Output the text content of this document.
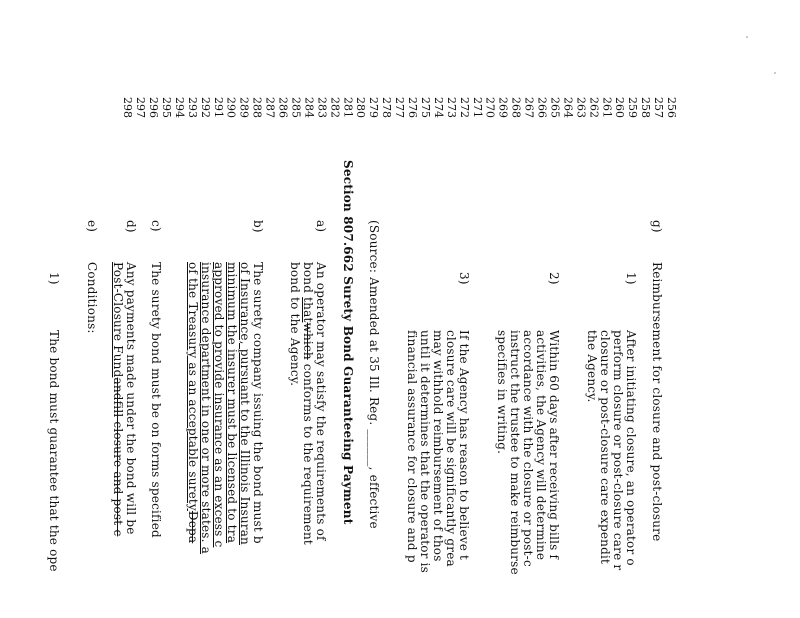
256
257
258
259
260
261
262
263
264
265
266
267
268
269
270
271
272
273
274
275
276
277
278
279
280
281
282
283
284
285
286
287
288
289
290
291
292
293
294
295
296
297
298
g)
Reimbursement for closure and post-closure
1)
After initiating closure, an operator o
perform closure or post-closure care r
closure or post-closure care expendit
the Agency.
2)
Within 60 days after receiving bills f
activities, the Agency will determine
accordance with the closure or post-c
instruct the trustee to make reimburse
specifies in writing.
3)
If the Agency has reason to believe t
closure care will be significantly grea
may withhold reimbursement of thos
until it determines that the operator is
financial assurance for closure and p
(Source: Amended at 35 Ill. Reg. ______, effective
Section 807.662 Surety Bond Guaranteeing Payment
a)
An operator may satisfy the requirements of
bond thatwhich conforms to the requirement
bond to the Agency.
b)
The surety company issuing the bond must b
of Insurance, pursuant to the Illinois Insuran
minimum the insurer must be licensed to tra
approved to provide insurance as an excess c
insurance department in one or more states. a
of the Treasury as an acceptable suretyDepa
c)
The surety bond must be on forms specified
d)
Any payments made under the bond will be
Post-Closure Fundandfill closure and post-c
e)
Conditions:
1)
The bond must guarantee that the ope
